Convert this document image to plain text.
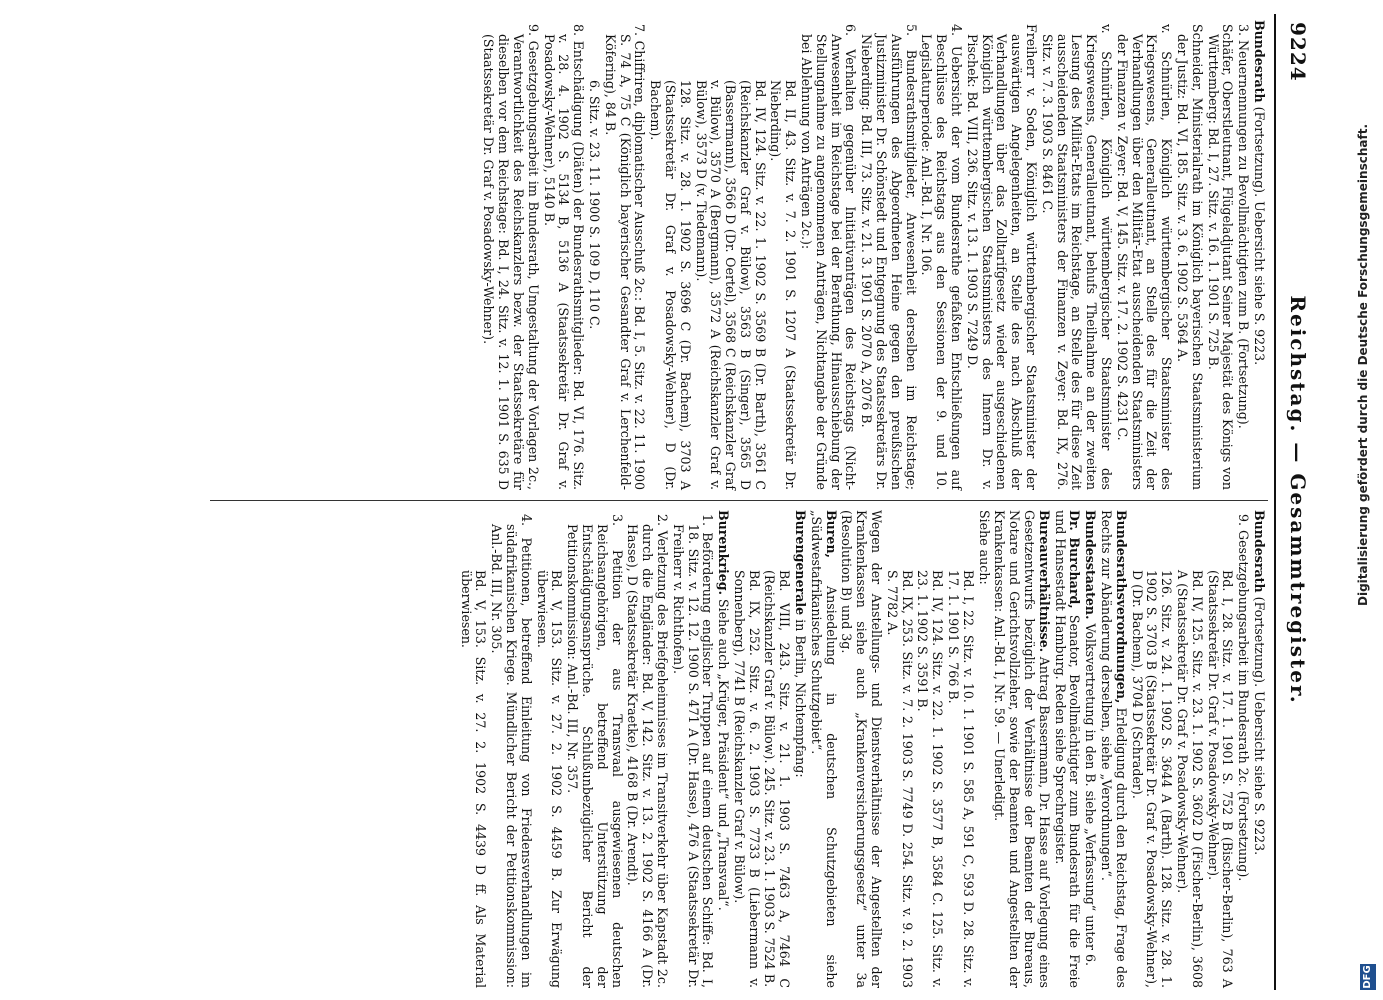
9224
Reichstag. — Gesammtregister.
Bundesrath (Fortsetzung). Uebersicht siehe S. 9223.
3. Neuernennungen zu Bevollmächtigten zum B. (Fortsetzung).
Schäfer, Oberstleutnant, Flügeladjutant Seiner Majestät des Königs von Württemberg: Bd. I, 27. Sitz. v. 16. 1. 1901 S. 725 B.
Schneider, Ministerialrath im Königlich bayerischen Staatsministerium der Justiz: Bd. VI, 185. Sitz. v. 3. 6. 1902 S. 5364 A.
v. Schnürlen, Königlich württembergischer Staatsminister des Kriegswesens, Generalleutnant, an Stelle des für die Zeit der Verhandlungen über den Militär-Etat ausscheidenden Staatsministers der Finanzen v. Zeyer: Bd. V, 145. Sitz. v. 17. 2. 1902 S. 4231 C.
v. Schnürlen, Königlich württembergischer Staatsminister des Kriegswesens, Generalleutnant, behufs Theilnahme an der zweiten Lesung des Militär-Etats im Reichstage, an Stelle des für diese Zeit ausscheidenden Staatsministers der Finanzen v. Zeyer: Bd. IX, 276. Sitz. v. 7. 3. 1903 S. 8461 C.
Freiherr v. Soden, Königlich württembergischer Staatsminister der auswärtigen Angelegenheiten, an Stelle des nach Abschluß der Verhandlungen über das Zolltarifgesetz wieder ausgeschiedenen Königlich württembergischen Staatsministers des Innern Dr. v. Pischek: Bd. VIII, 236. Sitz. v. 13. 1. 1903 S. 7249 D.
4. Uebersicht der vom Bundesrathe gefaßten Entschließungen auf Beschlüsse des Reichstags aus den Sessionen der 9. und 10. Legislaturperiode: Anl.-Bd. I, Nr. 106.
5. Bundesrathsmitglieder, Anwesenheit derselben im Reichstage; Ausführungen des Abgeordneten Heine gegen den preußischen Justizminister Dr. Schönstedt und Entgegnung des Staatssekretärs Dr. Nieberding: Bd. III, 73. Sitz. v. 21. 3. 1901 S. 2070 A, 2076 B.
6. Verhalten gegenüber Initiativanträgen des Reichstags (Nicht-Anwesenheit im Reichstage bei der Berathung, Hinausschiebung der Stellungnahme zu angenommenen Anträgen, Nichtangabe der Gründe bei Ablehnung von Anträgen 2c.):
Bd. II, 43. Sitz. v. 7. 2. 1901 S. 1207 A (Staatssekretär Dr. Nieberding).
Bd. IV, 124. Sitz. v. 22. 1. 1902 S. 3569 B (Dr. Barth), 3561 C (Reichskanzler Graf v. Bülow), 3563 B (Singer), 3565 D (Bassermann), 3566 D (Dr. Oertel), 3568 C (Reichskanzler Graf v. Bülow), 3570 A (Bergmann), 3572 A (Reichskanzler Graf v. Bülow), 3573 D (v. Tiedemann).
128. Sitz. v. 28. 1. 1902 S. 3696 C (Dr. Bachem), 3703 A (Staatssekretär Dr. Graf v. Posadowsky-Wehner), D (Dr. Bachem).
7. Chiffriren, diplomatischer Ausschuß 2c.: Bd. I, 5. Sitz. v. 22. 11. 1900 S. 74 A, 75 C (Königlich bayerischer Gesandter Graf v. Lerchenfeld-Köfering), 84 B.
6. Sitz. v. 23. 11. 1900 S. 109 D, 110 C.
8. Entschädigung (Diäten) der Bundesrathsmitglieder: Bd. VI, 176. Sitz. v. 28. 4. 1902 S. 5134 B, 5136 A (Staatssekretär Dr. Graf v. Posadowsky-Wehner), 5140 B.
9. Gesetzgebungsarbeit im Bundesrath, Umgestaltung der Vorlagen 2c., Verantwortlichkeit des Reichskanzlers bezw. der Staatssekretäre für dieselben vor dem Reichstage: Bd. I, 24. Sitz. v. 12. 1. 1901 S. 635 D (Staatssekretär Dr. Graf v. Posadowsky-Wehner).
Bundesrath (Fortsetzung). Uebersicht siehe S. 9223.
9. Gesetzgebungsarbeit im Bundesrath 2c. (Fortsetzung).
Bd. I, 28. Sitz. v. 17. 1. 1901 S. 752 B (Bischer-Berlin), 763 A (Staatssekretär Dr. Graf v. Posadowsky-Wehner).
Bd. IV, 125. Sitz. v. 23. 1. 1902 S. 3602 D (Fischer-Berlin), 3608 A (Staatssekretär Dr. Graf v. Posadowsky-Wehner).
126. Sitz. v. 24. 1. 1902 S. 3644 A (Barth). 128. Sitz. v. 28. 1. 1902 S. 3703 B (Staatssekretär Dr. Graf v. Posadowsky-Wehner), D (Dr. Bachem), 3704 D (Schrader).
Bundesrathsverordnungen, Erledigung durch den Reichstag, Frage des Rechts zur Abänderung derselben, siehe „Verordnungen“.
Bundesstaaten. Volksvertretung in den B. siehe „Verfassung“ unter 6.
Dr. Burchard, Senator, Bevollmächtigter zum Bundesrath für die Freie und Hansestadt Hamburg. Reden siehe Sprechregister.
Bureauverhältnisse. Antrag Bassermann, Dr. Hasse auf Vorlegung eines Gesetzentwurfs bezüglich der Verhältnisse der Beamten der Bureaus, Notare und Gerichtsvollzieher, sowie der Beamten und Angestellten der Krankenkassen: Anl.-Bd. I, Nr. 59. — Unerledigt.
Siehe auch:
Bd. I, 22. Sitz. v. 10. 1. 1901 S. 585 A, 591 C, 593 D. 28. Sitz. v. 17. 1. 1901 S. 766 B.
Bd. IV, 124. Sitz. v. 22. 1. 1902 S. 3577 B, 3584 C. 125. Sitz. v. 23. 1. 1902 S. 3591 B.
Bd. IX, 253. Sitz. v. 7. 2. 1903 S. 7749 D. 254. Sitz. v. 9. 2. 1903 S. 7782 A.
Wegen der Anstellungs- und Dienstverhältnisse der Angestellten der Krankenkassen siehe auch „Krankenversicherungsgesetz“ unter 3a (Resolution B) und 3g.
Buren, Ansiedelung in deutschen Schutzgebieten siehe „Südwestafrikanisches Schutzgebiet“.
Burengenerale in Berlin, Nichtempfang:
Bd. VIII, 243. Sitz. v. 21. 1. 1903 S. 7463 A, 7464 C (Reichskanzler Graf v. Bülow). 245. Sitz. v. 23. 1. 1903 S. 7524 B.
Bd. IX, 252. Sitz. v. 6. 2. 1903 S. 7733 B (Liebermann v. Sonnenberg), 7741 B (Reichskanzler Graf v. Bülow).
Burenkrieg. Siehe auch „Krüger, Präsident“ und „Transvaal“.
1. Beförderung englischer Truppen auf einem deutschen Schiffe: Bd. I, 18. Sitz. v. 12. 12. 1900 S. 471 A (Dr. Hasse), 476 A (Staatssekretär Dr. Freiherr v. Richthofen).
2. Verletzung des Briefgeheimnisses im Transitverkehr über Kapstadt 2c. durch die Engländer: Bd. V, 142. Sitz. v. 13. 2. 1902 S. 4166 A (Dr. Hasse), D (Staatssekretär Kraetke), 4168 B (Dr. Arendt).
3. Petition der aus Transvaal ausgewiesenen deutschen Reichsangehörigen, betreffend Unterstützung der Entschädigungsansprüche. Schlußunbezüglicher Bericht der Petitionskommission: Anl.-Bd. III, Nr. 357.
Bd. V, 153. Sitz. v. 27. 2. 1902 S. 4459 B. Zur Erwägung überwiesen.
4. Petitionen, betreffend Einleitung von Friedensverhandlungen im südafrikanischen Kriege. Mündlicher Bericht der Petitionskommission: Anl.-Bd. III, Nr. 305.
Bd. V, 153. Sitz. v. 27. 2. 1902 S. 4439 D ff. Als Material überwiesen.
Digitalisierung gefördert durch die Deutsche Forschungsgemeinschaft.
DFG
